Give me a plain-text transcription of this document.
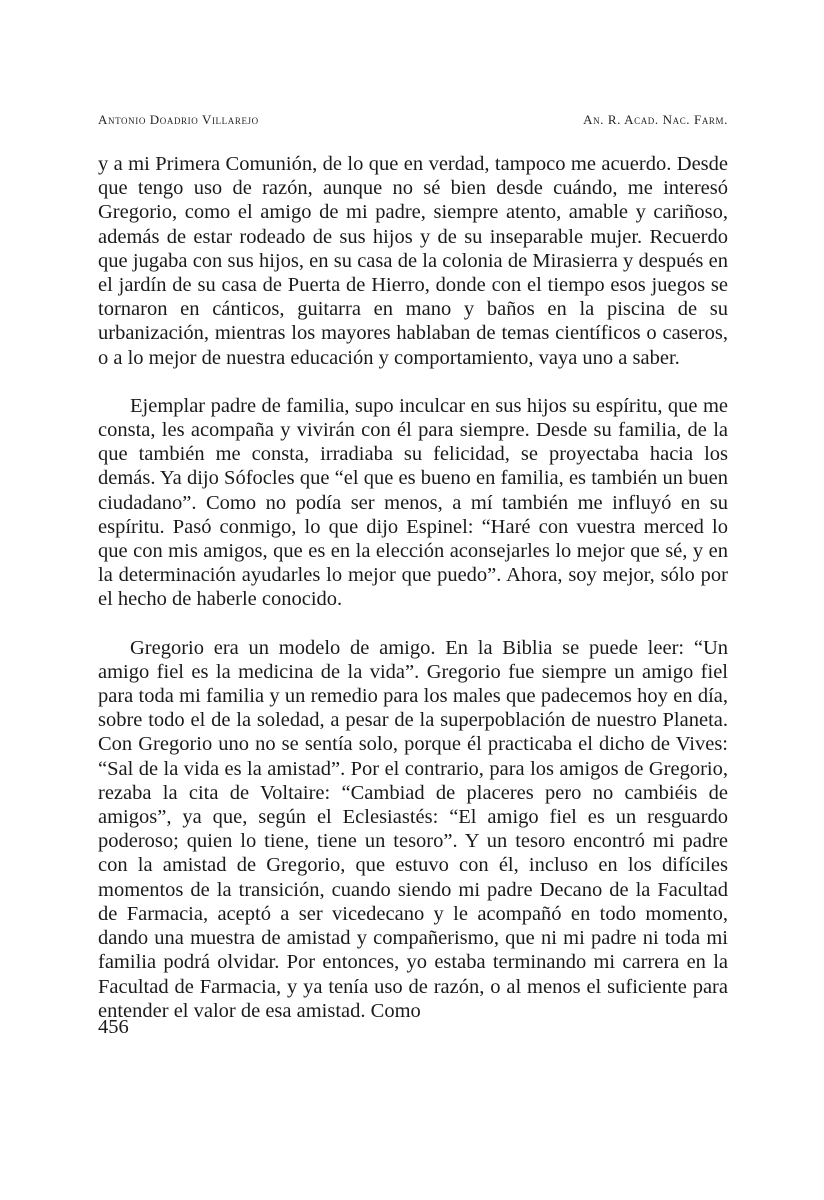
Antonio Doadrio Villarejo	An. R. Acad. Nac. Farm.

y a mi Primera Comunión, de lo que en verdad, tampoco me acuerdo. Desde que tengo uso de razón, aunque no sé bien desde cuándo, me interesó Gregorio, como el amigo de mi padre, siempre atento, amable y cariñoso, además de estar rodeado de sus hijos y de su inseparable mujer. Recuerdo que jugaba con sus hijos, en su casa de la colonia de Mirasierra y después en el jardín de su casa de Puerta de Hierro, donde con el tiempo esos juegos se tornaron en cánticos, guitarra en mano y baños en la piscina de su urbanización, mientras los mayores hablaban de temas científicos o caseros, o a lo mejor de nuestra educación y comportamiento, vaya uno a saber.

Ejemplar padre de familia, supo inculcar en sus hijos su espíritu, que me consta, les acompaña y vivirán con él para siempre. Desde su familia, de la que también me consta, irradiaba su felicidad, se proyectaba hacia los demás. Ya dijo Sófocles que “el que es bueno en familia, es también un buen ciudadano”. Como no podía ser menos, a mí también me influyó en su espíritu. Pasó conmigo, lo que dijo Espinel: “Haré con vuestra merced lo que con mis amigos, que es en la elección aconsejarles lo mejor que sé, y en la determinación ayudarles lo mejor que puedo”. Ahora, soy mejor, sólo por el hecho de haberle conocido.

Gregorio era un modelo de amigo. En la Biblia se puede leer: “Un amigo fiel es la medicina de la vida”. Gregorio fue siempre un amigo fiel para toda mi familia y un remedio para los males que padecemos hoy en día, sobre todo el de la soledad, a pesar de la superpoblación de nuestro Planeta. Con Gregorio uno no se sentía solo, porque él practicaba el dicho de Vives: “Sal de la vida es la amistad”. Por el contrario, para los amigos de Gregorio, rezaba la cita de Voltaire: “Cambiad de placeres pero no cambiéis de amigos”, ya que, según el Eclesiastés: “El amigo fiel es un resguardo poderoso; quien lo tiene, tiene un tesoro”. Y un tesoro encontró mi padre con la amistad de Gregorio, que estuvo con él, incluso en los difíciles momentos de la transición, cuando siendo mi padre Decano de la Facultad de Farmacia, aceptó a ser vicedecano y le acompañó en todo momento, dando una muestra de amistad y compañerismo, que ni mi padre ni toda mi familia podrá olvidar. Por entonces, yo estaba terminando mi carrera en la Facultad de Farmacia, y ya tenía uso de razón, o al menos el suficiente para entender el valor de esa amistad. Como

456
